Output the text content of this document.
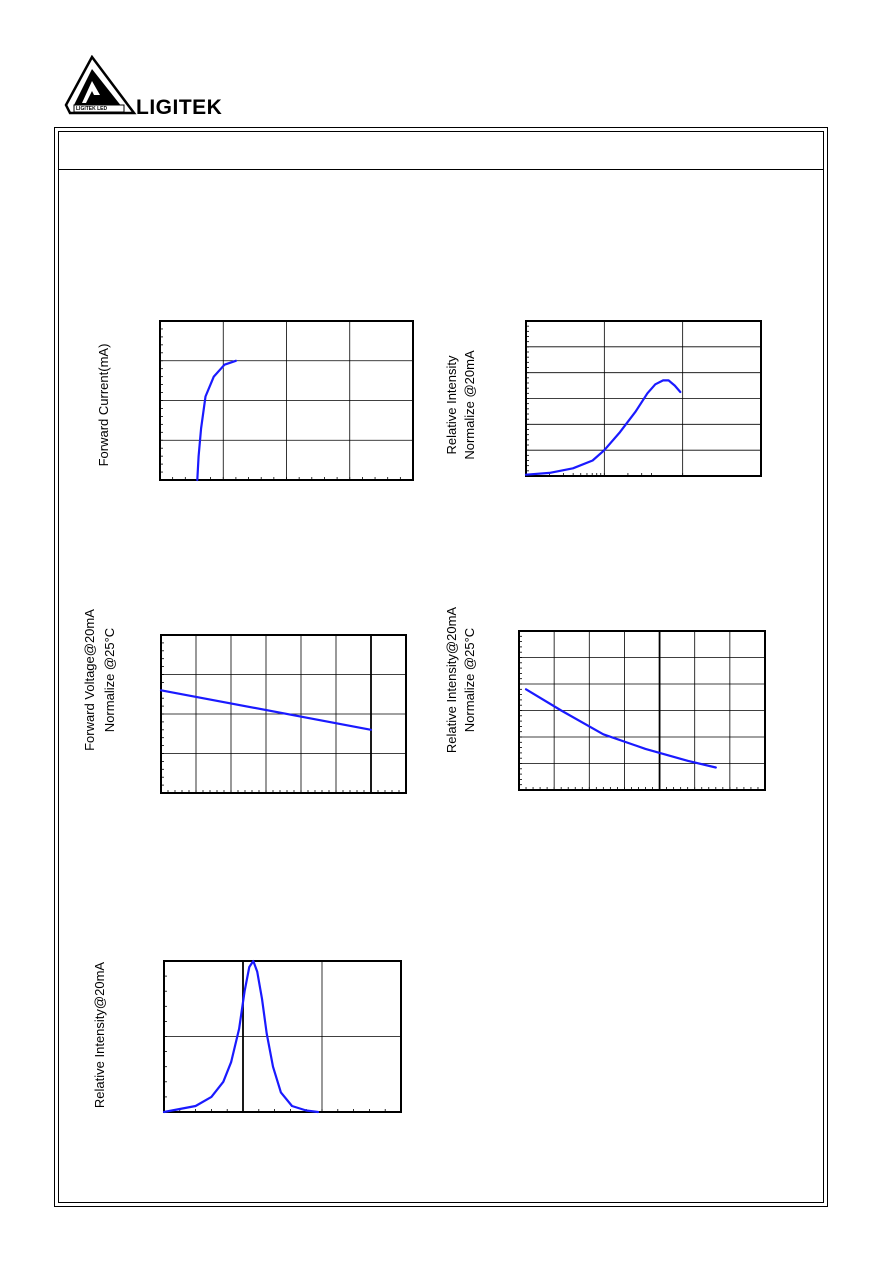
LIGITEK LED LIGITEK
Forward Current(mA)	Relative Intensity Normalize @20mA
Forward Voltage@20mA Normalize @25°C	Relative Intensity@20mA Normalize @25°C
Relative Intensity@20mA
